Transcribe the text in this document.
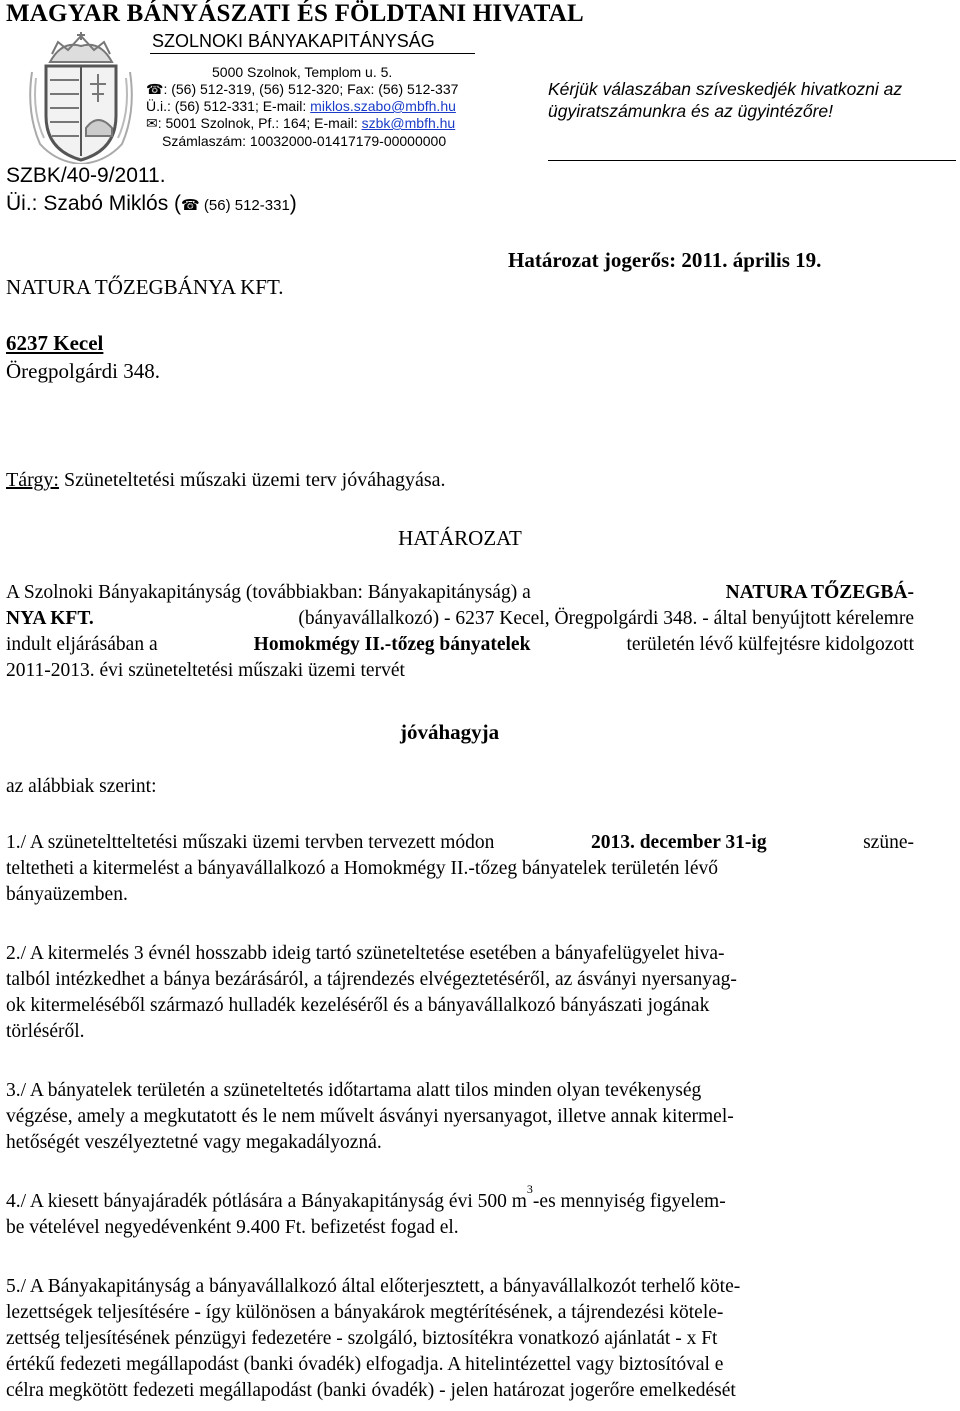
MAGYAR BÁNYÁSZATI ÉS FÖLDTANI HIVATAL
SZOLNOKI BÁNYAKAPITÁNYSÁG
5000 Szolnok, Templom u. 5.
☎: (56) 512-319, (56) 512-320; Fax: (56) 512-337
Ü.i.: (56) 512-331; E-mail: miklos.szabo@mbfh.hu
✉: 5001 Szolnok, Pf.: 164; E-mail: szbk@mbfh.hu
Számlaszám: 10032000-01417179-00000000
Kérjük válaszában szíveskedjék hivatkozni az
ügyiratszámunkra és az ügyintézőre!
SZBK/40-9/2011.
Üi.: Szabó Miklós (☎ (56) 512-331)
Határozat jogerős: 2011. április 19.
NATURA TŐZEGBÁNYA KFT.
6237 Kecel
Öregpolgárdi 348.
Tárgy: Szüneteltetési műszaki üzemi terv jóváhagyása.
HATÁROZAT
A Szolnoki Bányakapitányság (továbbiakban: Bányakapitányság) a	NATURA TŐZEGBÁ-
NYA KFT.	(bányavállalkozó) - 6237 Kecel, Öregpolgárdi 348. - által benyújtott kérelemre
indult eljárásában a	Homokmégy II.-tőzeg bányatelek	területén lévő külfejtésre kidolgozott
2011-2013. évi szüneteltetési műszaki üzemi tervét
jóváhagyja
az alábbiak szerint:
1./ A szüneteltteltetési műszaki üzemi tervben tervezett módon	2013. december 31-ig	szüne-
teltetheti a kitermelést a bányavállalkozó a Homokmégy II.-tőzeg bányatelek területén lévő
bányaüzemben.
2./ A kitermelés 3 évnél hosszabb ideig tartó szüneteltetése esetében a bányafelügyelet hiva-
talból intézkedhet a bánya bezárásáról, a tájrendezés elvégeztetéséről, az ásványi nyersanyag-
ok kitermeléséből származó hulladék kezeléséről és a bányavállalkozó bányászati jogának
törléséről.
3./ A bányatelek területén a szüneteltetés időtartama alatt tilos minden olyan tevékenység
végzése, amely a megkutatott és le nem művelt ásványi nyersanyagot, illetve annak kitermel-
hetőségét veszélyeztetné vagy megakadályozná.
4./ A kiesett bányajáradék pótlására a Bányakapitányság évi 500 m
3
-es mennyiség figyelem-
be vételével negyedévenként 9.400 Ft. befizetést fogad el.
5./ A Bányakapitányság a bányavállalkozó által előterjesztett, a bányavállalkozót terhelő köte-
lezettségek teljesítésére - így különösen a bányakárok megtérítésének, a tájrendezési kötele-
zettség teljesítésének pénzügyi fedezetére - szolgáló, biztosítékra vonatkozó ajánlatát - x Ft
értékű fedezeti megállapodást (banki óvadék) elfogadja. A hitelintézettel vagy biztosítóval e
célra megkötött fedezeti megállapodást (banki óvadék) - jelen határozat jogerőre emelkedését
